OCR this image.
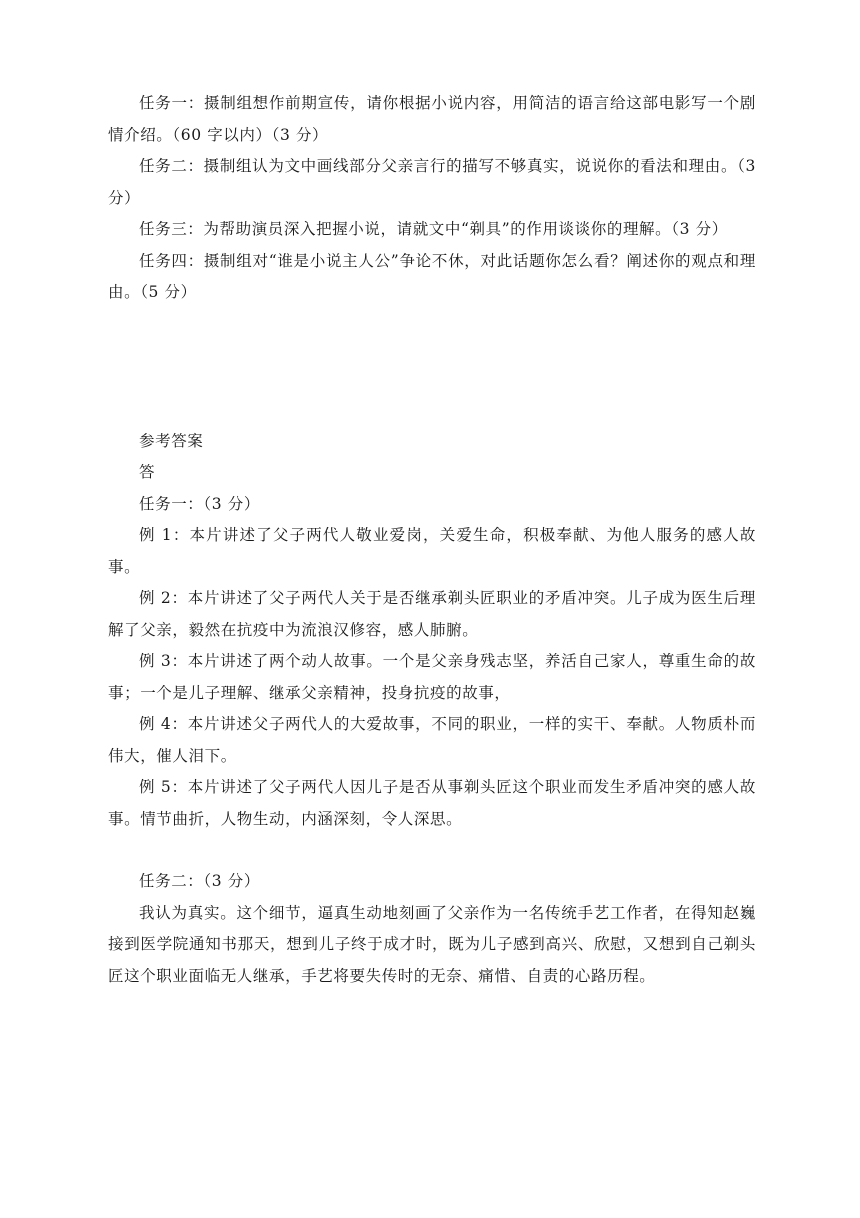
任务一：摄制组想作前期宣传，请你根据小说内容，用简洁的语言给这部电影写一个剧情介绍。（60 字以内）（3 分）

任务二：摄制组认为文中画线部分父亲言行的描写不够真实，说说你的看法和理由。（3 分）

任务三：为帮助演员深入把握小说，请就文中“剃具”的作用谈谈你的理解。（3 分）

任务四：摄制组对“谁是小说主人公”争论不休，对此话题你怎么看？阐述你的观点和理由。（5 分）

参考答案

答

任务一：（3 分）

例 1：本片讲述了父子两代人敬业爱岗，关爱生命，积极奉献、为他人服务的感人故事。

例 2：本片讲述了父子两代人关于是否继承剃头匠职业的矛盾冲突。儿子成为医生后理解了父亲，毅然在抗疫中为流浪汉修容，感人肺腑。

例 3：本片讲述了两个动人故事。一个是父亲身残志坚，养活自己家人，尊重生命的故事；一个是儿子理解、继承父亲精神，投身抗疫的故事，

例 4：本片讲述父子两代人的大爱故事，不同的职业，一样的实干、奉献。人物质朴而伟大，催人泪下。

例 5：本片讲述了父子两代人因儿子是否从事剃头匠这个职业而发生矛盾冲突的感人故事。情节曲折，人物生动，内涵深刻，令人深思。

任务二：（3 分）

我认为真实。这个细节，逼真生动地刻画了父亲作为一名传统手艺工作者，在得知赵巍接到医学院通知书那天，想到儿子终于成才时，既为儿子感到高兴、欣慰，又想到自己剃头匠这个职业面临无人继承，手艺将要失传时的无奈、痛惜、自责的心路历程。
